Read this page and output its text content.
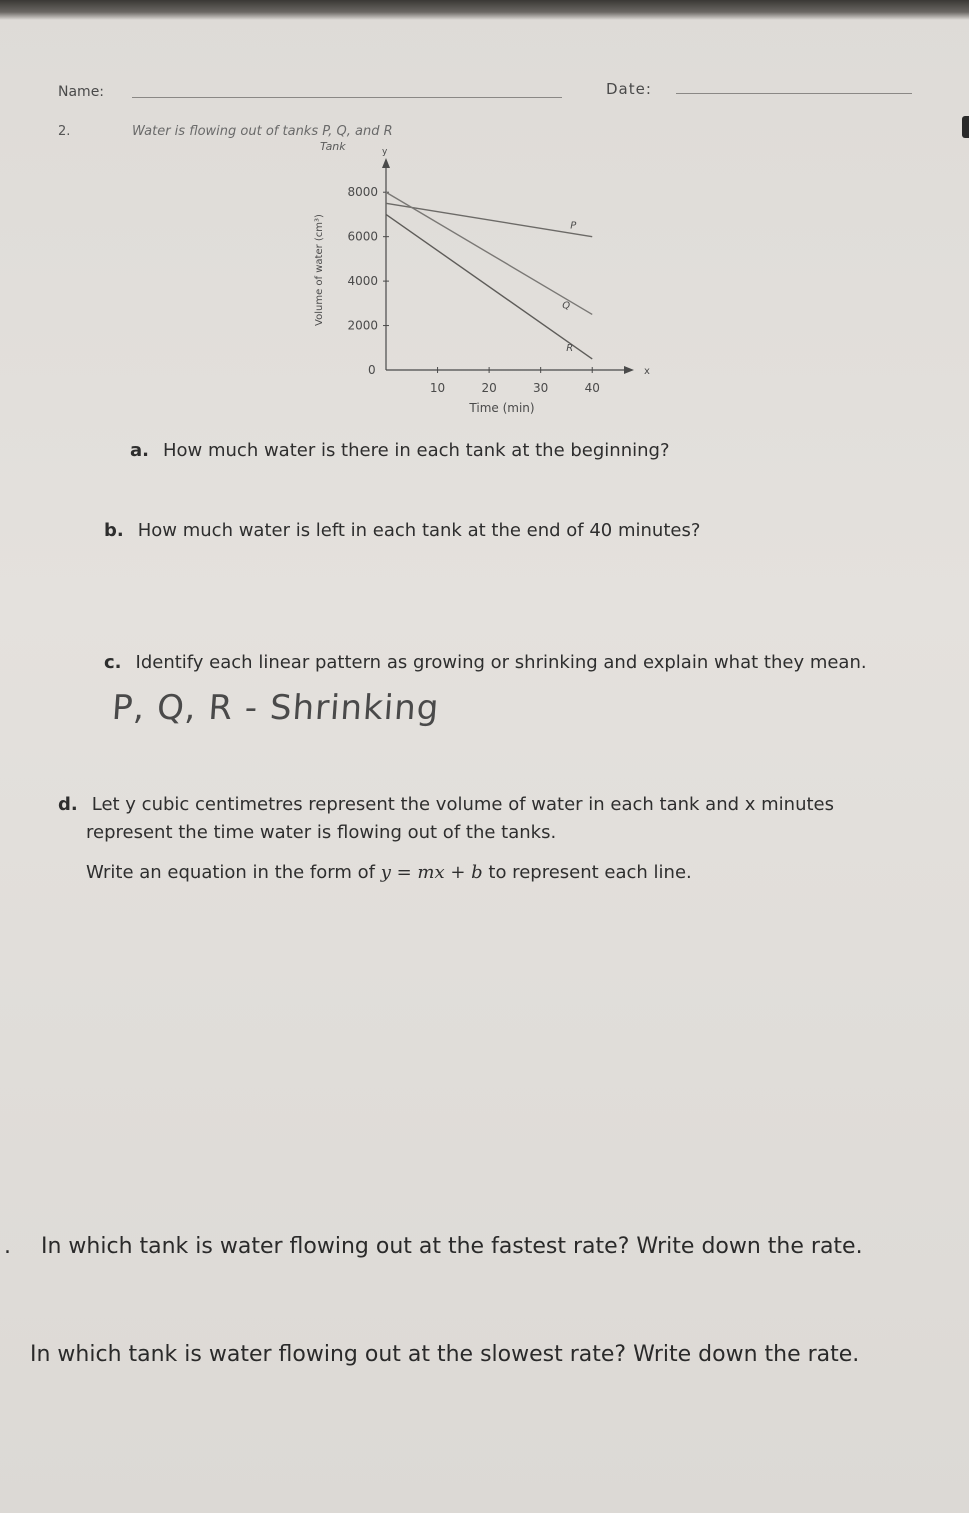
Name:	Date:
2.	Water is flowing out of tanks P, Q, and R
Tank
x
y
0
10	20	30	40
2000
4000
6000
8000
Time (min)
Volume of water (cm³)	P
Q
R
a. How much water is there in each tank at the beginning?
b. How much water is left in each tank at the end of 40 minutes?
c. Identify each linear pattern as growing or shrinking and explain what they mean.
P, Q, R - Shrinking
d. Let y cubic centimetres represent the volume of water in each tank and x minutes
represent the time water is flowing out of the tanks.
Write an equation in the form of y = mx + b to represent each line.
. In which tank is water flowing out at the fastest rate? Write down the rate.
In which tank is water flowing out at the slowest rate? Write down the rate.
